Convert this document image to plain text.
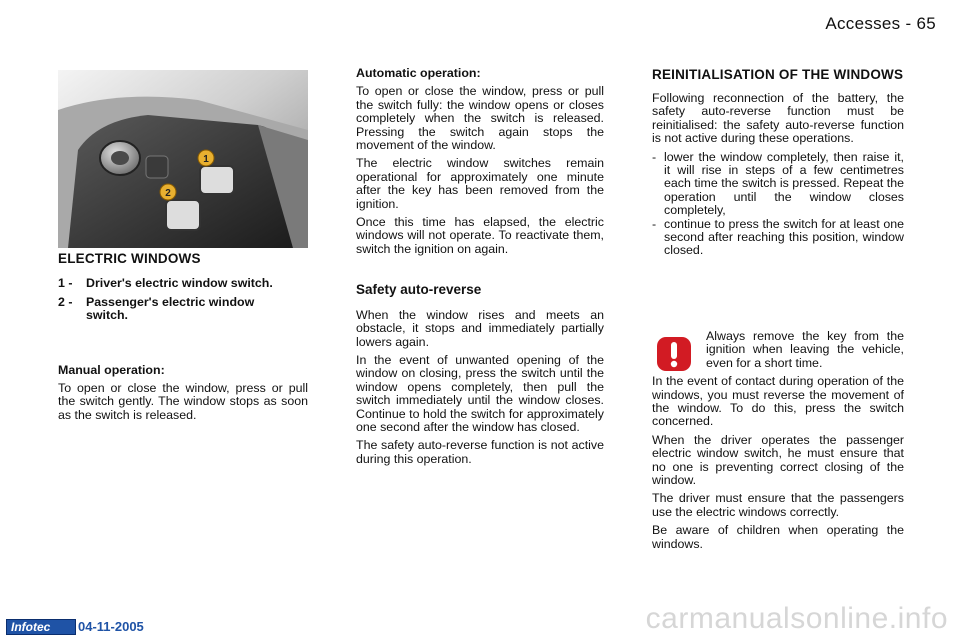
Accesses - 65
1
2
ELECTRIC WINDOWS
1 -	Driver's electric window switch.
2 -	Passenger's electric window switch.
Manual operation:

To open or close the window, press or pull the switch gently. The window stops as soon as the switch is released.

Automatic operation:

To open or close the window, press or pull the switch fully: the window opens or closes completely when the switch is released. Pressing the switch again stops the movement of the window.

The electric window switches remain operational for approximately one minute after the key has been removed from the ignition.

Once this time has elapsed, the electric windows will not operate. To reactivate them, switch the ignition on again.

Safety auto-reverse

When the window rises and meets an obstacle, it stops and immediately partially lowers again.

In the event of unwanted opening of the window on closing, press the switch until the window opens completely, then pull the switch immediately until the window closes. Continue to hold the switch for approximately one second after the window has closed.

The safety auto-reverse function is not active during this operation.

REINITIALISATION OF THE WINDOWS

Following reconnection of the battery, the safety auto-reverse function must be reinitialised: the safety auto-reverse function is not active during these operations.

- lower the window completely, then raise it, it will rise in steps of a few centimetres each time the switch is pressed. Repeat the operation until the window closes completely,
- continue to press the switch for at least one second after reaching this position, window closed.

Always remove the key from the ignition when leaving the vehicle, even for a short time.

In the event of contact during operation of the windows, you must reverse the movement of the window. To do this, press the switch concerned.

When the driver operates the passenger electric window switch, he must ensure that no one is preventing correct closing of the window.

The driver must ensure that the passengers use the electric windows correctly.

Be aware of children when operating the windows.

Infotec	04-11-2005	carmanualsonline.info
